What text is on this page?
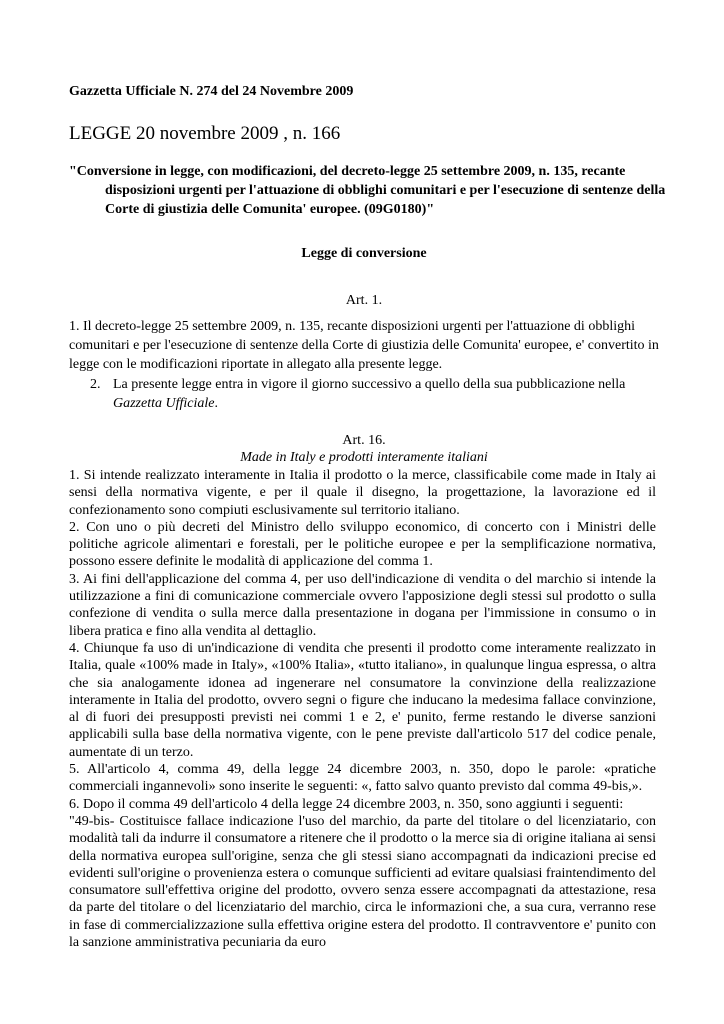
Gazzetta Ufficiale N. 274 del 24 Novembre 2009

LEGGE 20 novembre 2009 , n. 166

"Conversione in legge, con modificazioni, del decreto-legge 25 settembre 2009, n. 135, recante disposizioni urgenti per l'attuazione di obblighi comunitari e per l'esecuzione di sentenze della Corte di giustizia delle Comunita' europee. (09G0180)"

Legge di conversione

Art. 1.

1. Il decreto-legge 25 settembre 2009, n. 135, recante disposizioni urgenti per l'attuazione di obblighi comunitari e per l'esecuzione di sentenze della Corte di giustizia delle Comunita' europee, e' convertito in legge con le modificazioni riportate in allegato alla presente legge.

2. La presente legge entra in vigore il giorno successivo a quello della sua pubblicazione nella Gazzetta Ufficiale.

Art. 16.

Made in Italy e prodotti interamente italiani

1. Si intende realizzato interamente in Italia il prodotto o la merce, classificabile come made in Italy ai sensi della normativa vigente, e per il quale il disegno, la progettazione, la lavorazione ed il confezionamento sono compiuti esclusivamente sul territorio italiano.

2. Con uno o più decreti del Ministro dello sviluppo economico, di concerto con i Ministri delle politiche agricole alimentari e forestali, per le politiche europee e per la semplificazione normativa, possono essere definite le modalità di applicazione del comma 1.

3. Ai fini dell'applicazione del comma 4, per uso dell'indicazione di vendita o del marchio si intende la utilizzazione a fini di comunicazione commerciale ovvero l'apposizione degli stessi sul prodotto o sulla confezione di vendita o sulla merce dalla presentazione in dogana per l'immissione in consumo o in libera pratica e fino alla vendita al dettaglio.

4. Chiunque fa uso di un'indicazione di vendita che presenti il prodotto come interamente realizzato in Italia, quale «100% made in Italy», «100% Italia», «tutto italiano», in qualunque lingua espressa, o altra che sia analogamente idonea ad ingenerare nel consumatore la convinzione della realizzazione interamente in Italia del prodotto, ovvero segni o figure che inducano la medesima fallace convinzione, al di fuori dei presupposti previsti nei commi 1 e 2, e' punito, ferme restando le diverse sanzioni applicabili sulla base della normativa vigente, con le pene previste dall'articolo 517 del codice penale, aumentate di un terzo.

5. All'articolo 4, comma 49, della legge 24 dicembre 2003, n. 350, dopo le parole: «pratiche commerciali ingannevoli» sono inserite le seguenti: «, fatto salvo quanto previsto dal comma 49-bis,».

6. Dopo il comma 49 dell'articolo 4 della legge 24 dicembre 2003, n. 350, sono aggiunti i seguenti:

"49-bis- Costituisce fallace indicazione l'uso del marchio, da parte del titolare o del licenziatario, con modalità tali da indurre il consumatore a ritenere che il prodotto o la merce sia di origine italiana ai sensi della normativa europea sull'origine, senza che gli stessi siano accompagnati da indicazioni precise ed evidenti sull'origine o provenienza estera o comunque sufficienti ad evitare qualsiasi fraintendimento del consumatore sull'effettiva origine del prodotto, ovvero senza essere accompagnati da attestazione, resa da parte del titolare o del licenziatario del marchio, circa le informazioni che, a sua cura, verranno rese in fase di commercializzazione sulla effettiva origine estera del prodotto. Il contravventore e' punito con la sanzione amministrativa pecuniaria da euro
